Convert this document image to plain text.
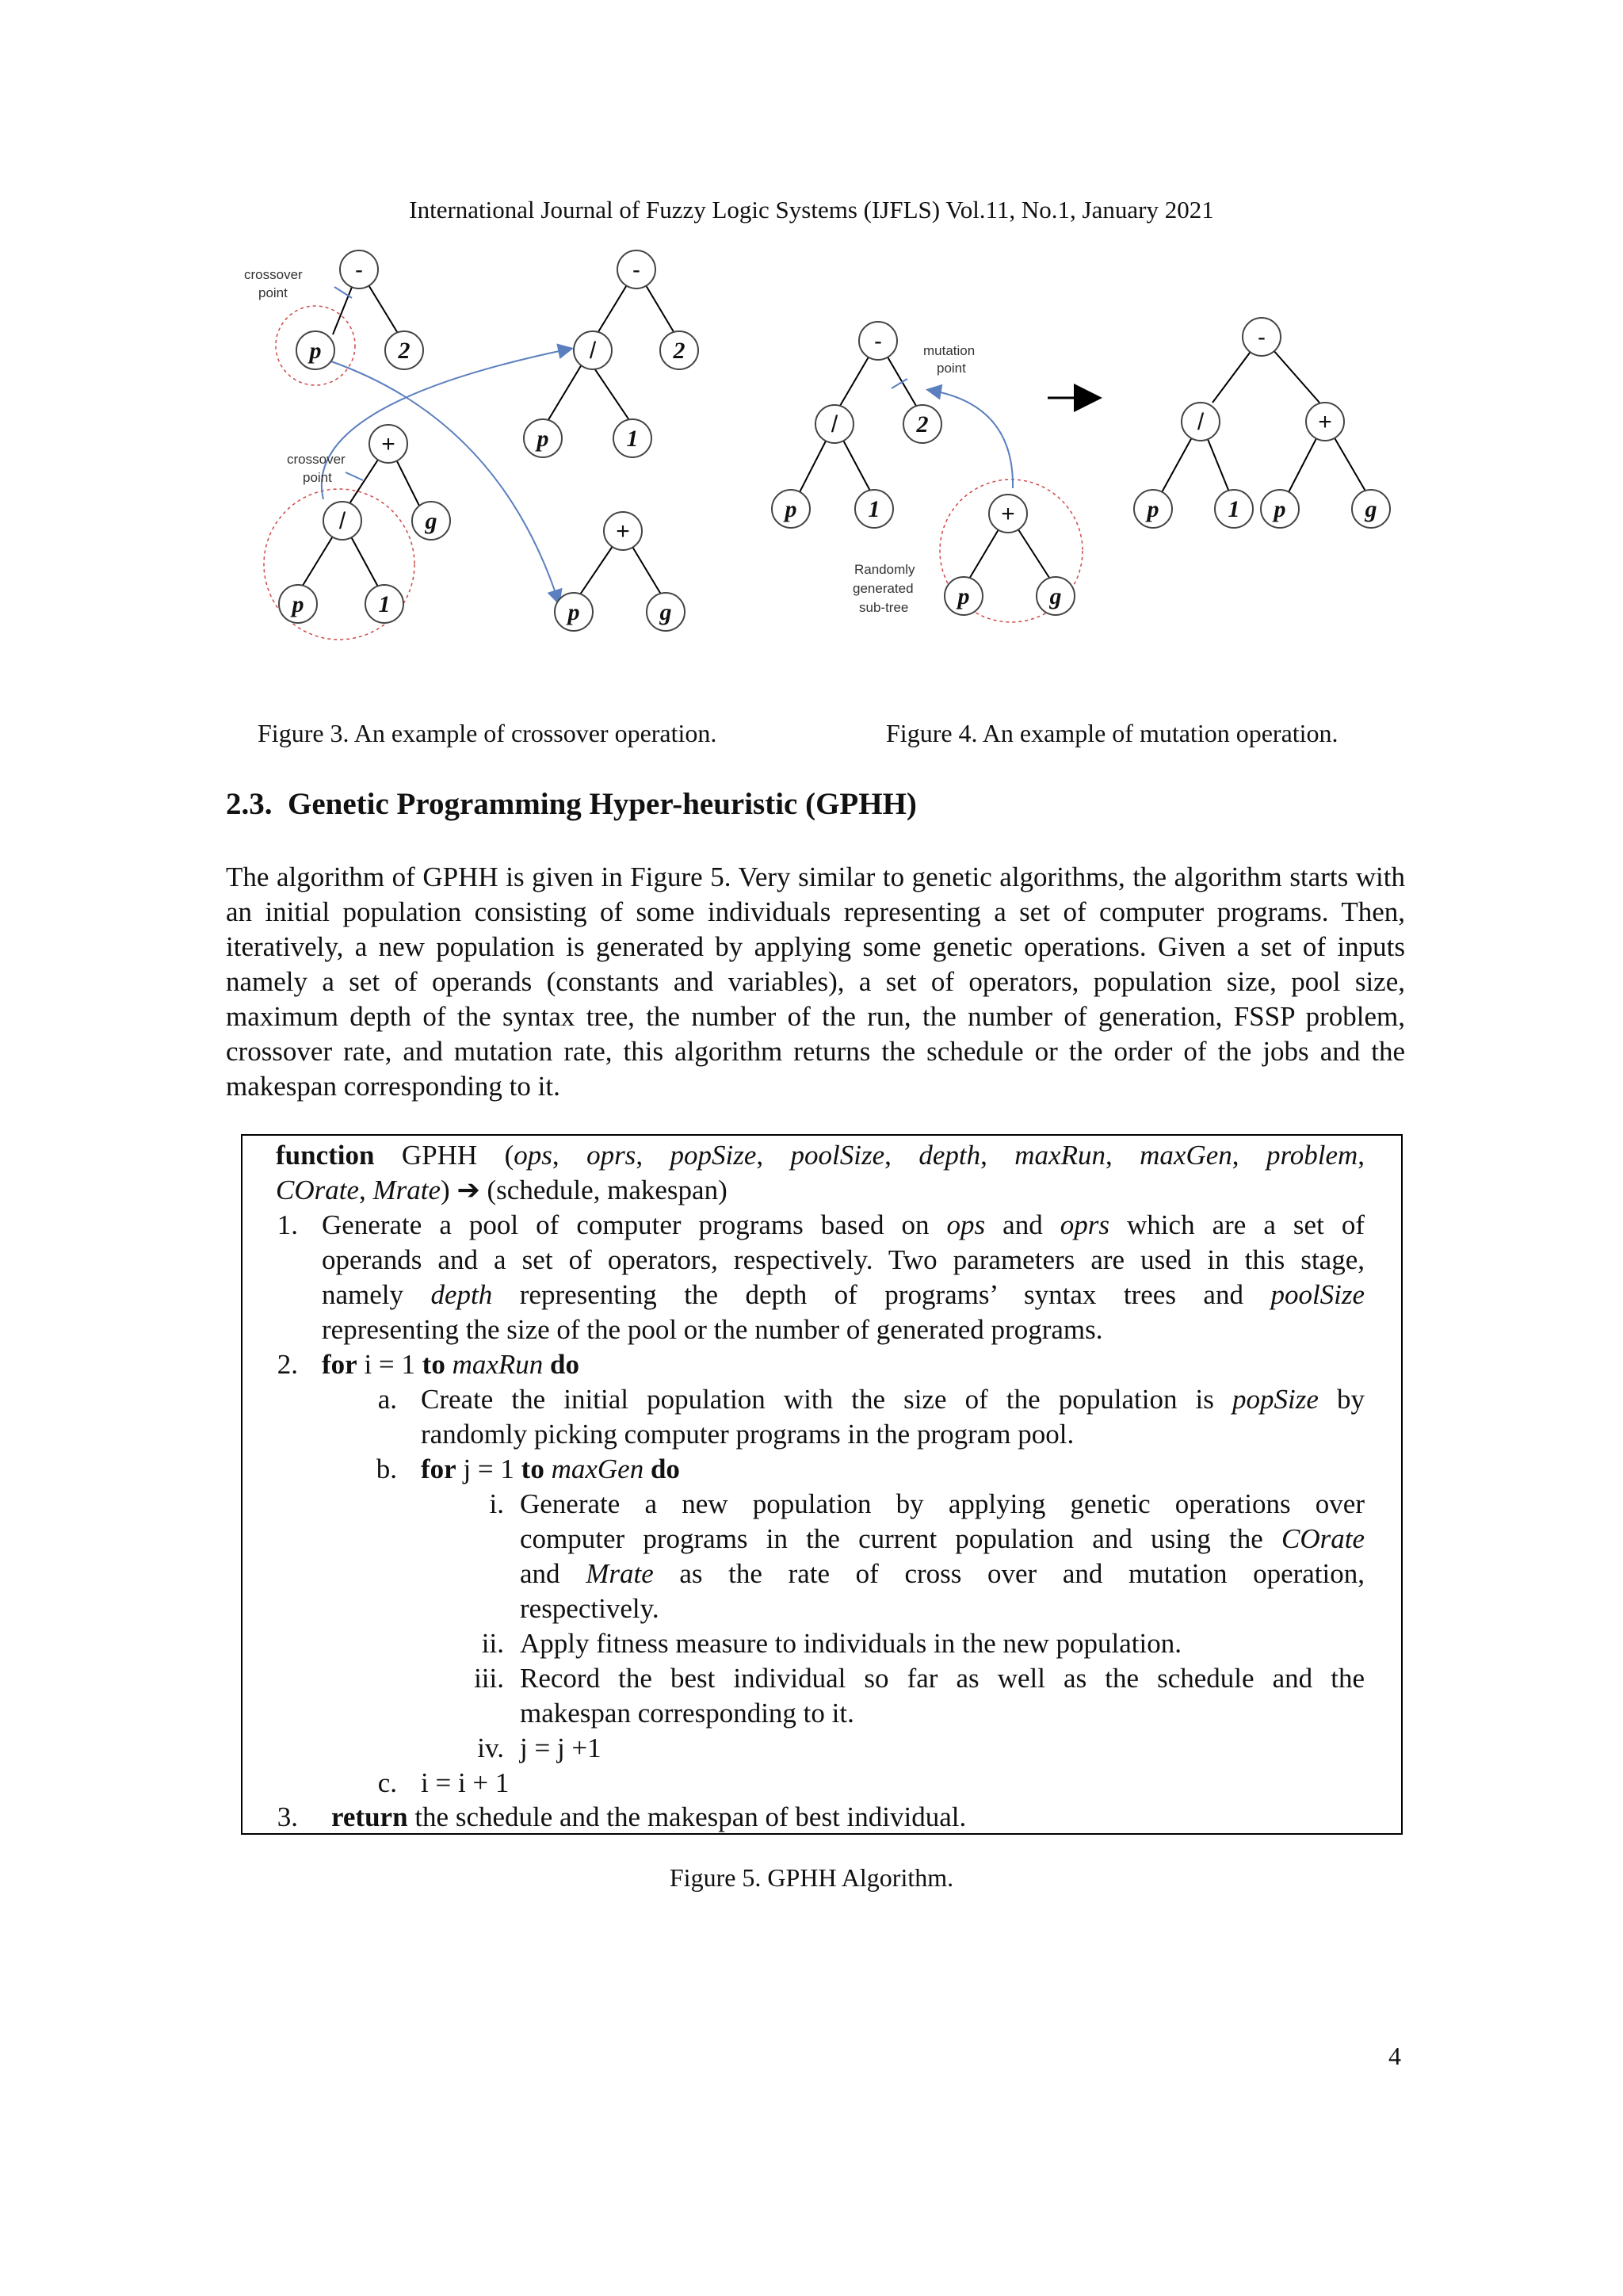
International Journal of Fuzzy Logic Systems (IJFLS) Vol.11, No.1, January 2021
crossover
point
crossover
point
-
p	2
+
/	g
p	1
-
/	2
p	1
+
p	g
mutation
point
Randomly
generated
sub-tree
-
/	2
p	1	+
p	g
-
/	+
p	1 p	g
Figure 3. An example of crossover operation.	Figure 4. An example of mutation operation.
2.3. Genetic Programming Hyper-heuristic (GPHH)

The algorithm of GPHH is given in Figure 5. Very similar to genetic algorithms, the algorithm starts with an initial population consisting of some individuals representing a set of computer programs. Then, iteratively, a new population is generated by applying some genetic operations. Given a set of inputs namely a set of operands (constants and variables), a set of operators, population size, pool size, maximum depth of the syntax tree, the number of the run, the number of generation, FSSP problem, crossover rate, and mutation rate, this algorithm returns the schedule or the order of the jobs and the makespan corresponding to it.

function GPHH (ops, oprs, popSize, poolSize, depth, maxRun, maxGen, problem,
COrate, Mrate) ➔ (schedule, makespan)
1. Generate a pool of computer programs based on ops and oprs which are a set of
operands and a set of operators, respectively. Two parameters are used in this stage,
namely depth representing the depth of programs’ syntax trees and poolSize
representing the size of the pool or the number of generated programs.
2. for i = 1 to maxRun do
a. Create the initial population with the size of the population is popSize by
randomly picking computer programs in the program pool.
b. for j = 1 to maxGen do
i. Generate a new population by applying genetic operations over
computer programs in the current population and using the COrate
and Mrate as the rate of cross over and mutation operation,
respectively.
ii. Apply fitness measure to individuals in the new population.
iii. Record the best individual so far as well as the schedule and the
makespan corresponding to it.
iv. j = j +1
c. i = i + 1
3. return the schedule and the makespan of best individual.
Figure 5. GPHH Algorithm.
4
